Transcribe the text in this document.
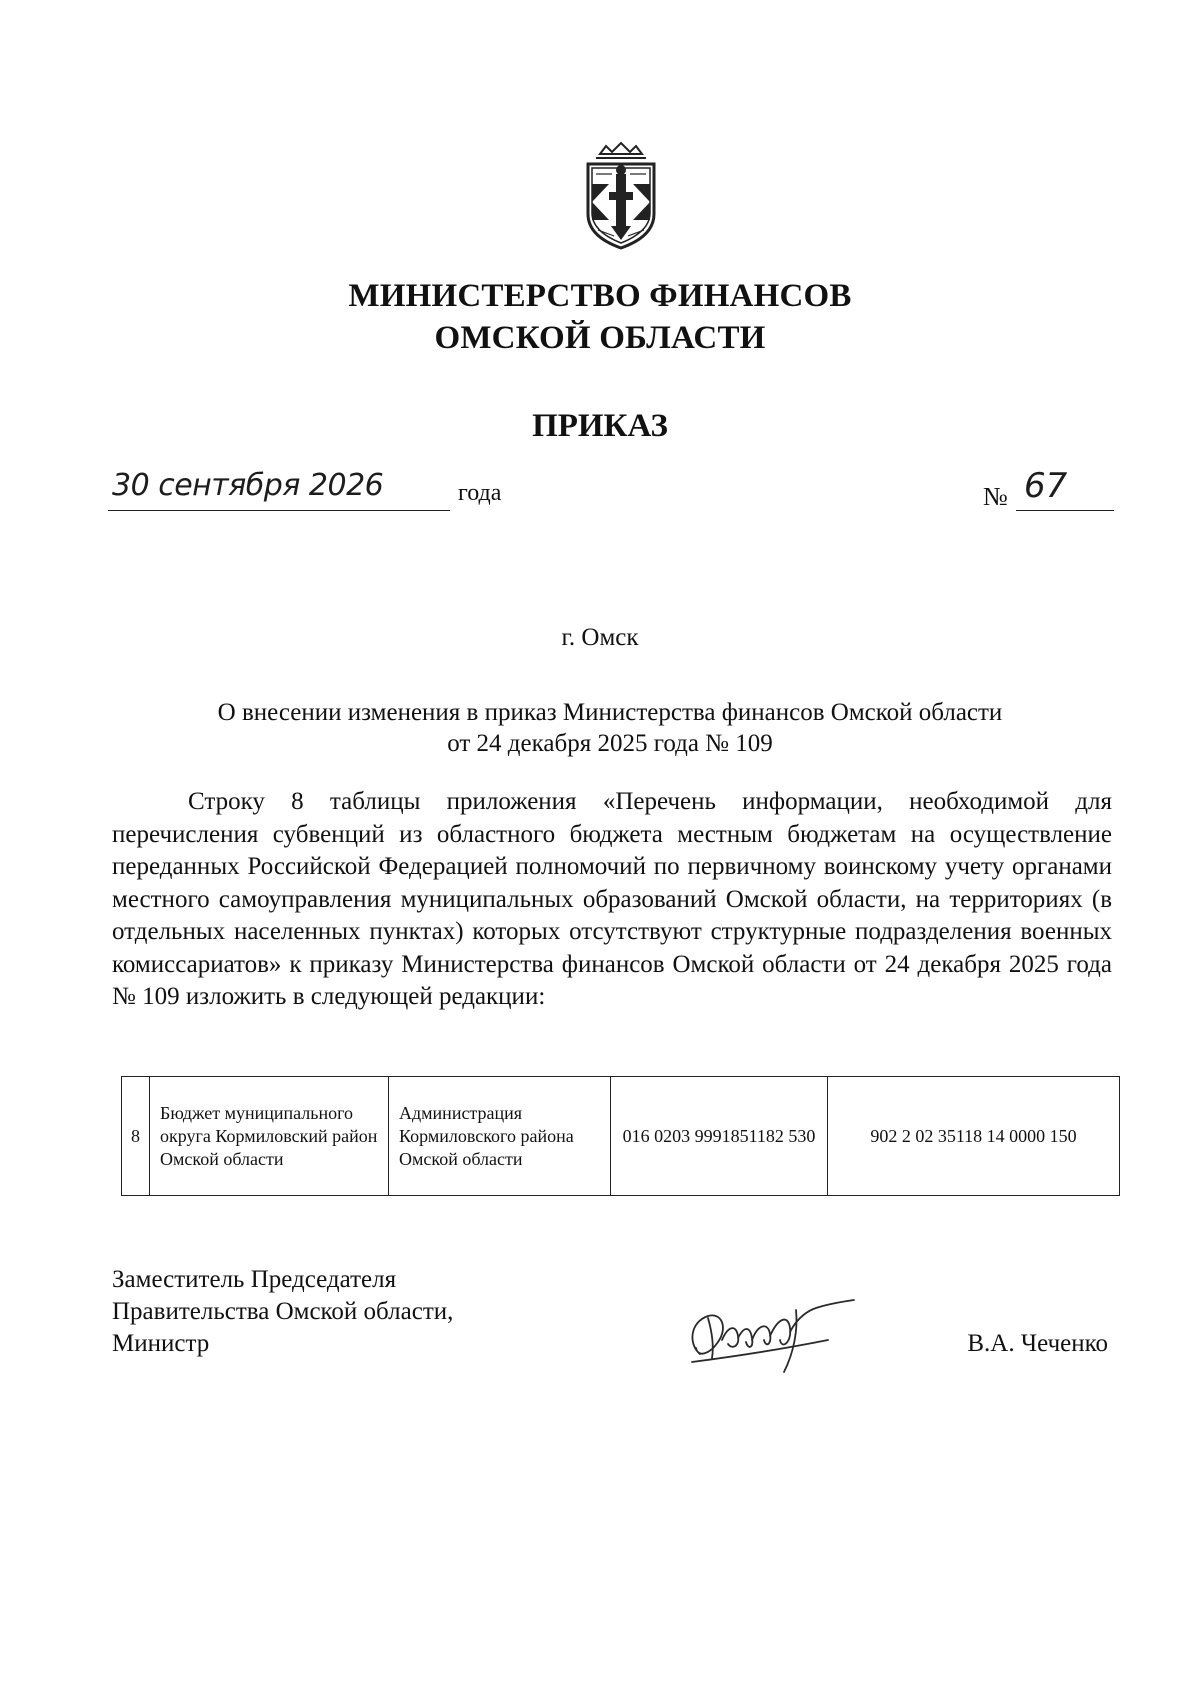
МИНИСТЕРСТВО ФИНАНСОВ
ОМСКОЙ ОБЛАСТИ
ПРИКАЗ
30 сентября 2026	года	№ 67
г. Омск
О внесении изменения в приказ Министерства финансов Омской области
от 24 декабря 2025 года № 109
Строку 8 таблицы приложения «Перечень информации, необходимой для перечисления субвенций из областного бюджета местным бюджетам на осуществление переданных Российской Федерацией полномочий по первичному воинскому учету органами местного самоуправления муниципальных образований Омской области, на территориях (в отдельных населенных пунктах) которых отсутствуют структурные подразделения военных комиссариатов» к приказу Министерства финансов Омской области от 24 декабря 2025 года № 109 изложить в следующей редакции:
8	Бюджет муниципального округа Кормиловский район Омской области	Администрация Кормиловского района Омской области	016 0203 9991851182 530	902 2 02 35118 14 0000 150
Заместитель Председателя
Правительства Омской области,
Министр	В.А. Чеченко
